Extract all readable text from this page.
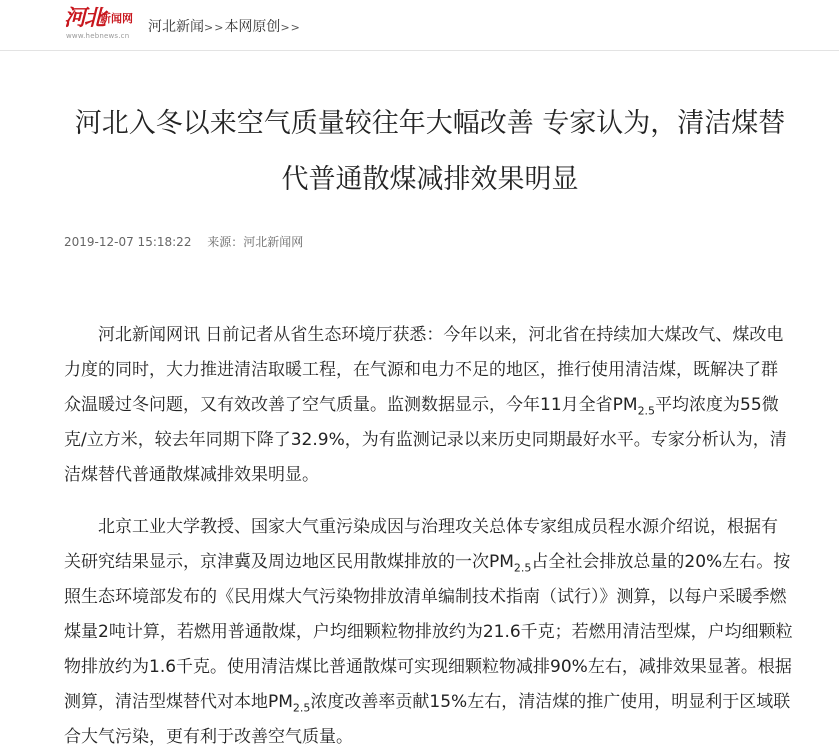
河北
新闻网
www.hebnews.cn
河北新闻>>本网原创>>
河北入冬以来空气质量较往年大幅改善 专家认为，清洁煤替
代普通散煤减排效果明显
2019-12-07 15:18:22 来源：河北新闻网

河北新闻网讯 日前记者从省生态环境厅获悉：今年以来，河北省在持续加大煤改气、煤改电力度的同时，大力推进清洁取暖工程，在气源和电力不足的地区，推行使用清洁煤，既解决了群众温暖过冬问题，又有效改善了空气质量。监测数据显示，今年11月全省$PM_{2.5}$平均浓度为55微克/立方米，较去年同期下降了32.9%，为有监测记录以来历史同期最好水平。专家分析认为，清洁煤替代普通散煤减排效果明显。

北京工业大学教授、国家大气重污染成因与治理攻关总体专家组成员程水源介绍说，根据有关研究结果显示，京津冀及周边地区民用散煤排放的一次$PM_{2.5}$占全社会排放总量的20%左右。按照生态环境部发布的《民用煤大气污染物排放清单编制技术指南（试行）》测算，以每户采暖季燃煤量2吨计算，若燃用普通散煤，户均细颗粒物排放约为21.6千克；若燃用清洁型煤，户均细颗粒物排放约为1.6千克。使用清洁煤比普通散煤可实现细颗粒物减排90%左右，减排效果显著。根据测算，清洁型煤替代对本地$PM_{2.5}$浓度改善率贡献15%左右，清洁煤的推广使用，明显利于区域联合大气污染，更有利于改善空气质量。
